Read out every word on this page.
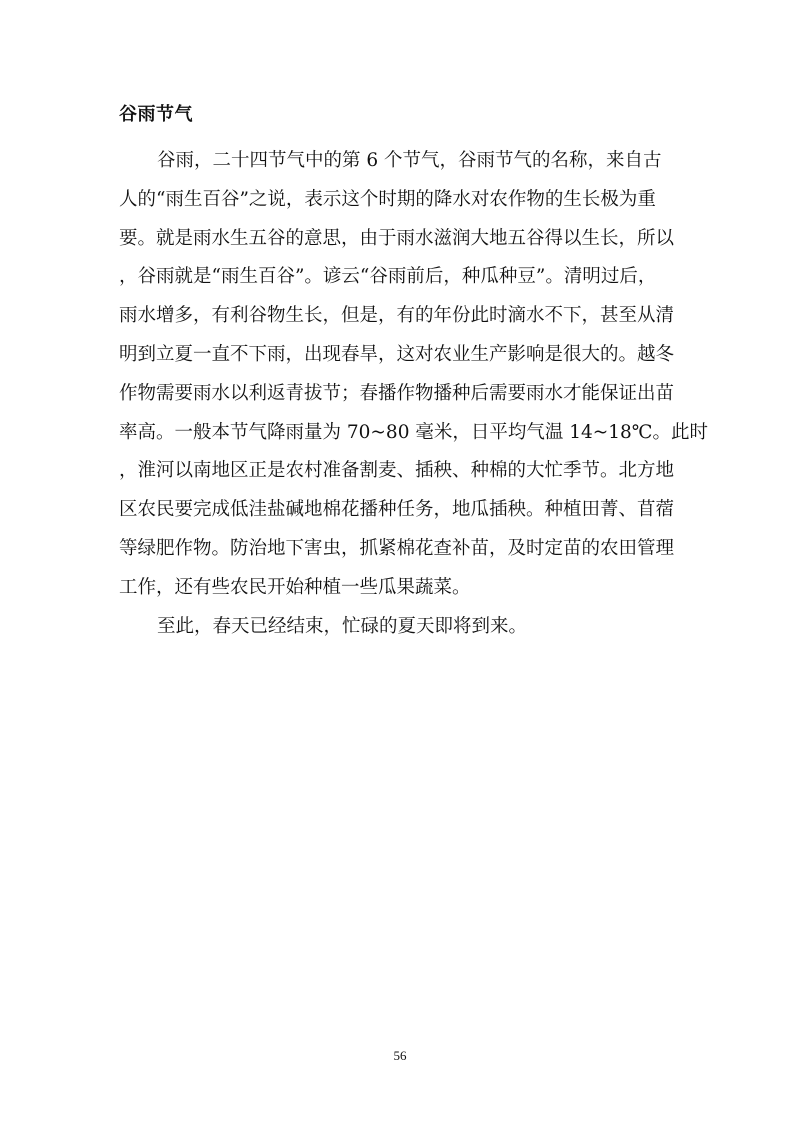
谷雨节气
谷雨，二十四节气中的第 6 个节气，谷雨节气的名称，来自古
人的“雨生百谷”之说，表示这个时期的降水对农作物的生长极为重
要。就是雨水生五谷的意思，由于雨水滋润大地五谷得以生长，所以
，谷雨就是“雨生百谷”。谚云“谷雨前后，种瓜种豆”。清明过后，
雨水增多，有利谷物生长，但是，有的年份此时滴水不下，甚至从清
明到立夏一直不下雨，出现春旱，这对农业生产影响是很大的。越冬
作物需要雨水以利返青拔节；春播作物播种后需要雨水才能保证出苗
率高。一般本节气降雨量为 70~80 毫米，日平均气温 14~18℃。此时
，淮河以南地区正是农村准备割麦、插秧、种棉的大忙季节。北方地
区农民要完成低洼盐碱地棉花播种任务，地瓜插秧。种植田菁、苜蓿
等绿肥作物。防治地下害虫，抓紧棉花查补苗，及时定苗的农田管理
工作，还有些农民开始种植一些瓜果蔬菜。
至此，春天已经结束，忙碌的夏天即将到来。
56
